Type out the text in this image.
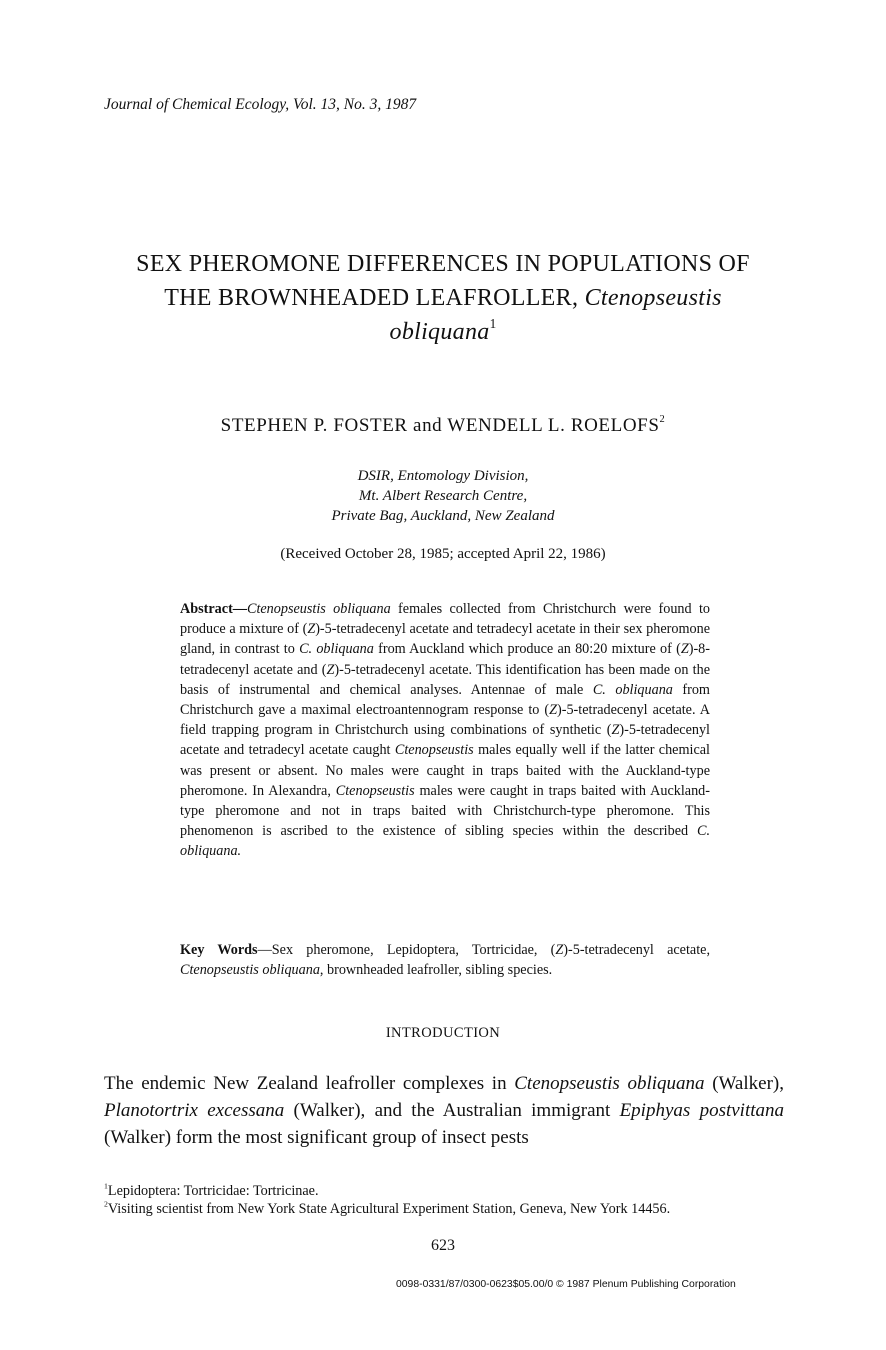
Journal of Chemical Ecology, Vol. 13, No. 3, 1987
SEX PHEROMONE DIFFERENCES IN POPULATIONS OF
THE BROWNHEADED LEAFROLLER, Ctenopseustis
obliquana$^1$
STEPHEN P. FOSTER and WENDELL L. ROELOFS$^2$
DSIR, Entomology Division,
Mt. Albert Research Centre,
Private Bag, Auckland, New Zealand
(Received October 28, 1985; accepted April 22, 1986)
Abstract—Ctenopseustis obliquana females collected from Christchurch were found to produce a mixture of (Z)-5-tetradecenyl acetate and tetradecyl acetate in their sex pheromone gland, in contrast to C. obliquana from Auckland which produce an 80:20 mixture of (Z)-8-tetradecenyl acetate and (Z)-5-tetradecenyl acetate. This identification has been made on the basis of instrumental and chemical analyses. Antennae of male C. obliquana from Christchurch gave a maximal electroantennogram response to (Z)-5-tetradecenyl acetate. A field trapping program in Christchurch using combinations of synthetic (Z)-5-tetradecenyl acetate and tetradecyl acetate caught Ctenopseustis males equally well if the latter chemical was present or absent. No males were caught in traps baited with the Auckland-type pheromone. In Alexandra, Ctenopseustis males were caught in traps baited with Auckland-type pheromone and not in traps baited with Christchurch-type pheromone. This phenomenon is ascribed to the existence of sibling species within the described C. obliquana.
Key Words—Sex pheromone, Lepidoptera, Tortricidae, (Z)-5-tetradecenyl acetate, Ctenopseustis obliquana, brownheaded leafroller, sibling species.
INTRODUCTION
The endemic New Zealand leafroller complexes in Ctenopseustis obliquana (Walker), Planotortrix excessana (Walker), and the Australian immigrant Epiphyas postvittana (Walker) form the most significant group of insect pests
$^1$Lepidoptera: Tortricidae: Tortricinae.
$^2$Visiting scientist from New York State Agricultural Experiment Station, Geneva, New York 14456.
623
0098-0331/87/0300-0623$05.00/0 © 1987 Plenum Publishing Corporation
